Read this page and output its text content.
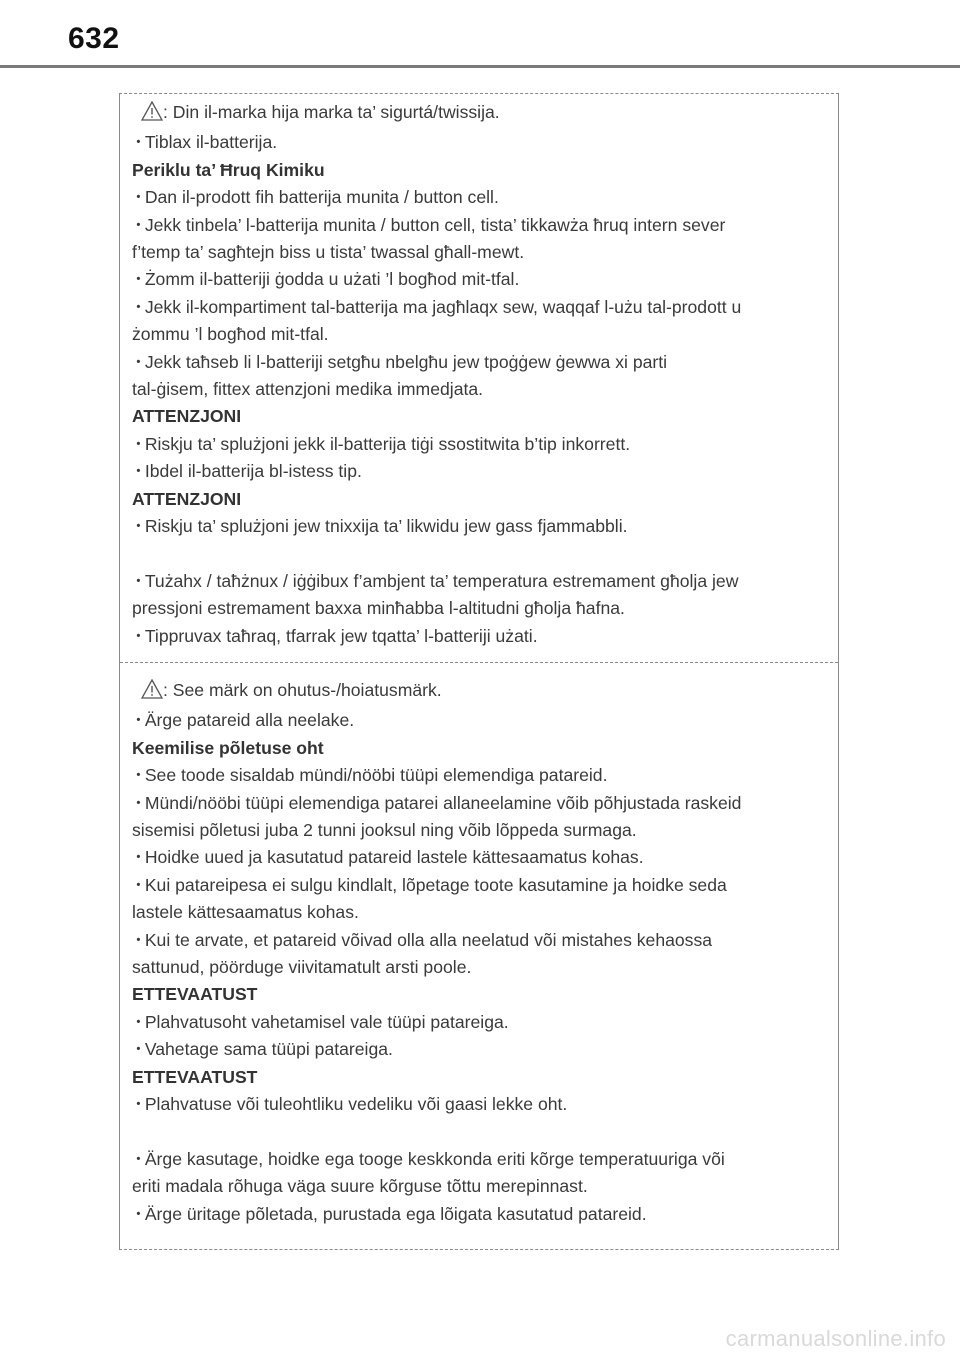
632
: Din il-marka hija marka ta’ sigurtá/twissija.
･ Tiblax il-batterija.
Periklu ta’ Ħruq Kimiku
･ Dan il-prodott fih batterija munita / button cell.
･ Jekk tinbela’ l-batterija munita / button cell, tista’ tikkawża ħruq intern sever
f’temp ta’ sagħtejn biss u tista’ twassal għall-mewt.
･ Żomm il-batteriji ġodda u użati ’l bogħod mit-tfal.
･ Jekk il-kompartiment tal-batterija ma jagħlaqx sew, waqqaf l-użu tal-prodott u
żommu ’l bogħod mit-tfal.
･ Jekk taħseb li l-batteriji setgħu nbelgħu jew tpoġġew ġewwa xi parti
tal-ġisem, fittex attenzjoni medika immedjata.
ATTENZJONI
･ Riskju ta’ splużjoni jekk il-batterija tiġi ssostitwita b’tip inkorrett.
･ Ibdel il-batterija bl-istess tip.
ATTENZJONI
･ Riskju ta’ splużjoni jew tnixxija ta’ likwidu jew gass fjammabbli.
･ Tużahx / taħżnux / iġġibux f’ambjent ta’ temperatura estremament għolja jew
pressjoni estremament baxxa minħabba l-altitudni għolja ħafna.
･ Tippruvax taħraq, tfarrak jew tqatta’ l-batteriji użati.
: See märk on ohutus-/hoiatusmärk.
･ Ärge patareid alla neelake.
Keemilise põletuse oht
･ See toode sisaldab mündi/nööbi tüüpi elemendiga patareid.
･ Mündi/nööbi tüüpi elemendiga patarei allaneelamine võib põhjustada raskeid
sisemisi põletusi juba 2 tunni jooksul ning võib lõppeda surmaga.
･ Hoidke uued ja kasutatud patareid lastele kättesaamatus kohas.
･ Kui patareipesa ei sulgu kindlalt, lõpetage toote kasutamine ja hoidke seda
lastele kättesaamatus kohas.
･ Kui te arvate, et patareid võivad olla alla neelatud või mistahes kehaossa
sattunud, pöörduge viivitamatult arsti poole.
ETTEVAATUST
･ Plahvatusoht vahetamisel vale tüüpi patareiga.
･ Vahetage sama tüüpi patareiga.
ETTEVAATUST
･ Plahvatuse või tuleohtliku vedeliku või gaasi lekke oht.
･ Ärge kasutage, hoidke ega tooge keskkonda eriti kõrge temperatuuriga või
eriti madala rõhuga väga suure kõrguse tõttu merepinnast.
･ Ärge üritage põletada, purustada ega lõigata kasutatud patareid.
carmanualsonline.info
